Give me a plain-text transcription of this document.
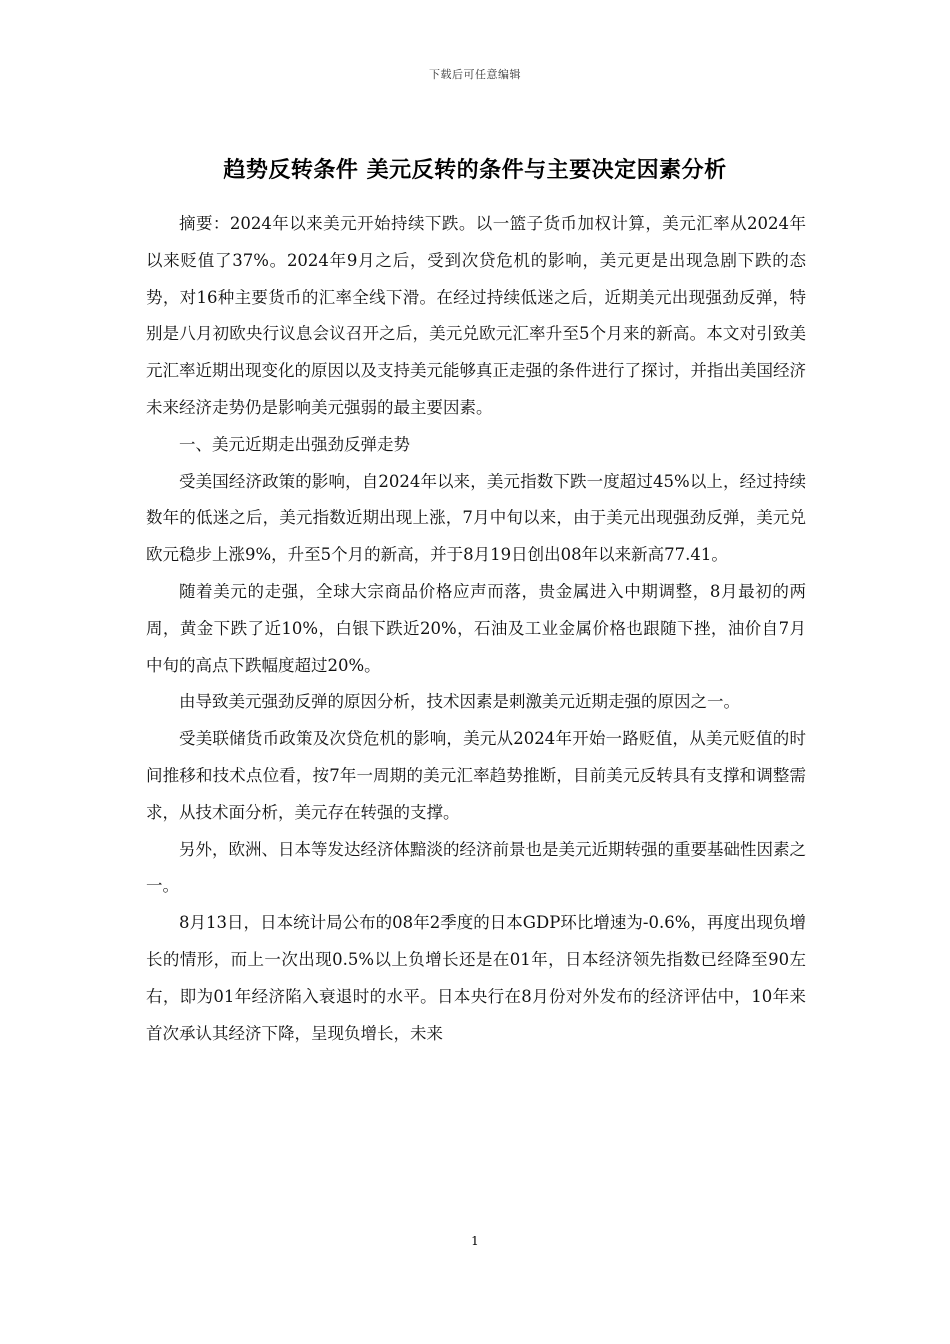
下载后可任意编辑
趋势反转条件 美元反转的条件与主要决定因素分析

摘要：2024年以来美元开始持续下跌。以一篮子货币加权计算，美元汇率从2024年以来贬值了37%。2024年9月之后，受到次贷危机的影响，美元更是出现急剧下跌的态势，对16种主要货币的汇率全线下滑。在经过持续低迷之后，近期美元出现强劲反弹，特别是八月初欧央行议息会议召开之后，美元兑欧元汇率升至5个月来的新高。本文对引致美元汇率近期出现变化的原因以及支持美元能够真正走强的条件进行了探讨，并指出美国经济未来经济走势仍是影响美元强弱的最主要因素。

一、美元近期走出强劲反弹走势

受美国经济政策的影响，自2024年以来，美元指数下跌一度超过45%以上，经过持续数年的低迷之后，美元指数近期出现上涨，7月中旬以来，由于美元出现强劲反弹，美元兑欧元稳步上涨9%，升至5个月的新高，并于8月19日创出08年以来新高77.41。

随着美元的走强，全球大宗商品价格应声而落，贵金属进入中期调整，8月最初的两周，黄金下跌了近10%，白银下跌近20%，石油及工业金属价格也跟随下挫，油价自7月中旬的高点下跌幅度超过20%。

由导致美元强劲反弹的原因分析，技术因素是刺激美元近期走强的原因之一。

受美联储货币政策及次贷危机的影响，美元从2024年开始一路贬值，从美元贬值的时间推移和技术点位看，按7年一周期的美元汇率趋势推断，目前美元反转具有支撑和调整需求，从技术面分析，美元存在转强的支撑。

另外，欧洲、日本等发达经济体黯淡的经济前景也是美元近期转强的重要基础性因素之一。

8月13日，日本统计局公布的08年2季度的日本GDP环比增速为-0.6%，再度出现负增长的情形，而上一次出现0.5%以上负增长还是在01年，日本经济领先指数已经降至90左右，即为01年经济陷入衰退时的水平。日本央行在8月份对外发布的经济评估中，10年来首次承认其经济下降，呈现负增长，未来

1
